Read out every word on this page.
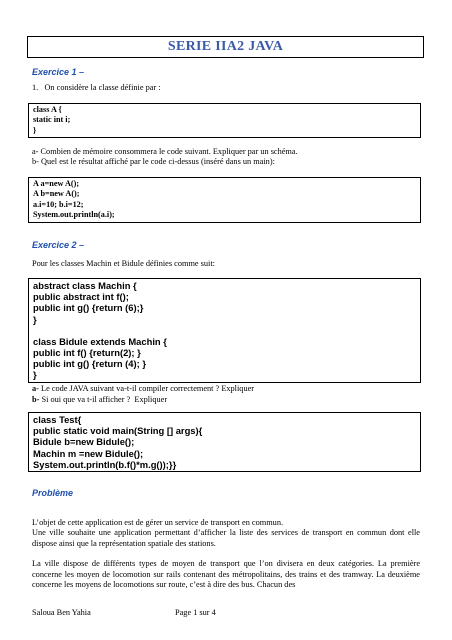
SERIE IIA2 JAVA
Exercice 1 –
1.   On considère la classe définie par :
class A {
static int i;
}
a- Combien de mémoire consommera le code suivant. Expliquer par un schéma.
b- Quel est le résultat affiché par le code ci-dessus (inséré dans un main):
A a=new A();
A b=new A();
a.i=10; b.i=12;
System.out.println(a.i);
Exercice 2 –
Pour les classes Machin et Bidule définies comme suit:
abstract class Machin {
public abstract int f();
public int g() {return (6);}
}
class Bidule extends Machin {
public int f() {return(2); }
public int g() {return (4); }
}
a- Le code JAVA suivant va-t-il compiler correctement ? Expliquer
b- Si oui que va t-il afficher ?  Expliquer
class Test{
public static void main(String [] args){
Bidule b=new Bidule();
Machin m =new Bidule();
System.out.println(b.f()*m.g());}}
Problème
L’objet de cette application est de gérer un service de transport en commun.
Une ville souhaite une application permettant d’afficher la liste des services de transport en commun dont elle dispose ainsi que la représentation spatiale des stations.
La ville dispose de différents types de moyen de transport que l’on divisera en deux catégories. La première concerne les moyen de locomotion sur rails contenant des métropolitains, des trains et des tramway. La deuxième concerne les moyens de locomotions sur route, c’est à dire des bus. Chacun des
Saloua Ben Yahia	Page 1 sur 4
